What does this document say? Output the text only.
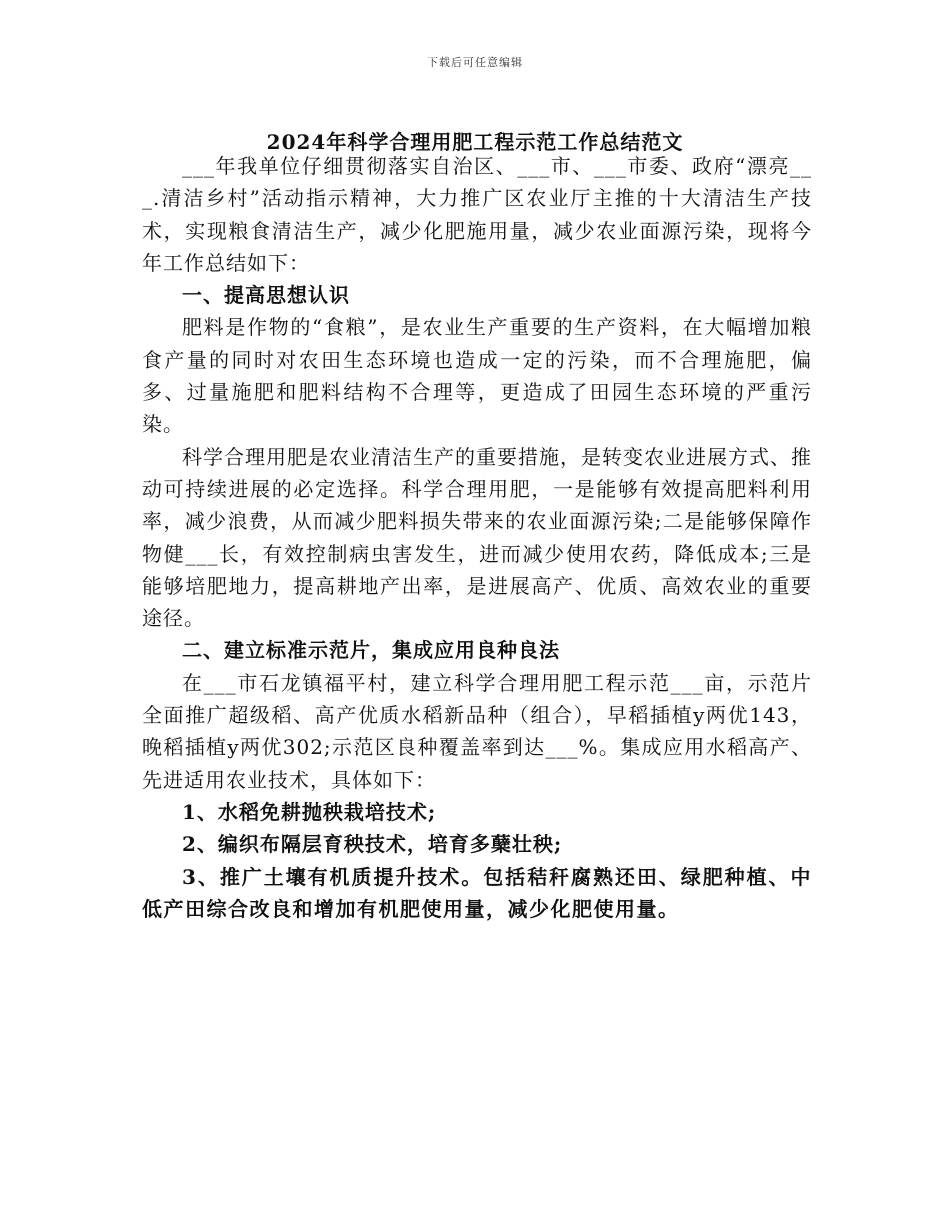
下载后可任意编辑
2024年科学合理用肥工程示范工作总结范文

___年我单位仔细贯彻落实自治区、___市、___市委、政府“漂亮___.清洁乡村”活动指示精神，大力推广区农业厅主推的十大清洁生产技术，实现粮食清洁生产，减少化肥施用量，减少农业面源污染，现将今年工作总结如下：

一、提高思想认识

肥料是作物的“食粮”，是农业生产重要的生产资料，在大幅增加粮食产量的同时对农田生态环境也造成一定的污染，而不合理施肥，偏多、过量施肥和肥料结构不合理等，更造成了田园生态环境的严重污染。

科学合理用肥是农业清洁生产的重要措施，是转变农业进展方式、推动可持续进展的必定选择。科学合理用肥，一是能够有效提高肥料利用率，减少浪费，从而减少肥料损失带来的农业面源污染;二是能够保障作物健___长，有效控制病虫害发生，进而减少使用农药，降低成本;三是能够培肥地力，提高耕地产出率，是进展高产、优质、高效农业的重要途径。

二、建立标准示范片，集成应用良种良法

在___市石龙镇福平村，建立科学合理用肥工程示范___亩，示范片全面推广超级稻、高产优质水稻新品种（组合），早稻插植y两优143，晚稻插植y两优302;示范区良种覆盖率到达___%。集成应用水稻高产、先进适用农业技术，具体如下：

1、水稻免耕抛秧栽培技术;

2、编织布隔层育秧技术，培育多蘖壮秧;

3、推广土壤有机质提升技术。包括秸秆腐熟还田、绿肥种植、中低产田综合改良和增加有机肥使用量，减少化肥使用量。
